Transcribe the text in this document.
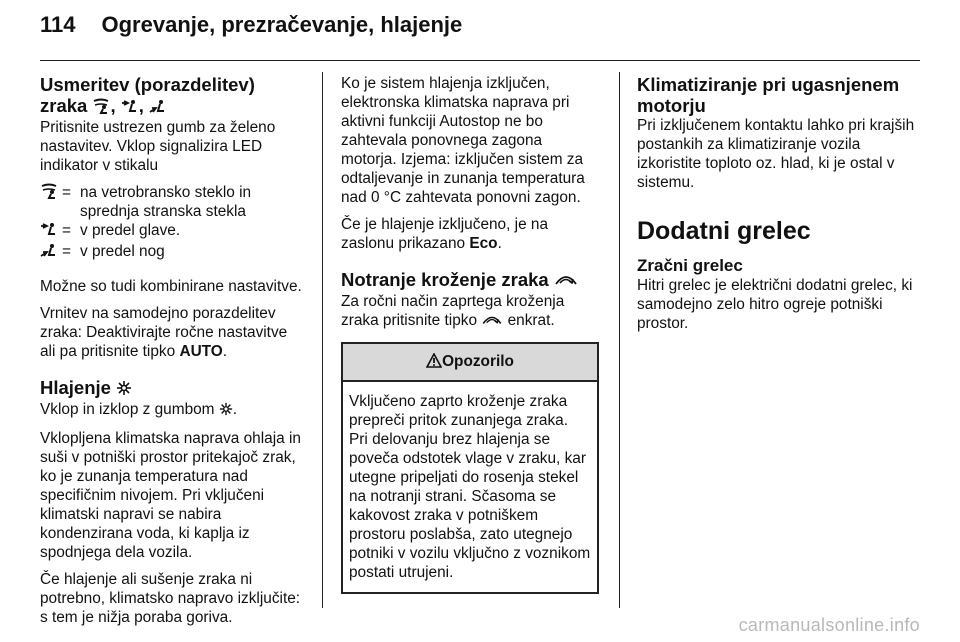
114 Ogrevanje, prezračevanje, hlajenje
Usmeritev (porazdelitev)
zraka , ,

Pritisnite ustrezen gumb za želeno nastavitev. Vklop signalizira LED indikator v stikalu

= na vetrobransko steklo in sprednja stranska stekla
= v predel glave.
= v predel nog

Možne so tudi kombinirane nastavitve.

Vrnitev na samodejno porazdelitev zraka: Deaktivirajte ročne nastavitve ali pa pritisnite tipko AUTO.

Hlajenje

Vklop in izklop z gumbom .

Vklopljena klimatska naprava ohlaja in suši v potniški prostor pritekajoč zrak, ko je zunanja temperatura nad specifičnim nivojem. Pri vključeni klimatski napravi se nabira kondenzirana voda, ki kaplja iz spodnjega dela vozila.

Če hlajenje ali sušenje zraka ni potrebno, klimatsko napravo izključite: s tem je nižja poraba goriva.

Ko je sistem hlajenja izključen, elektronska klimatska naprava pri aktivni funkciji Autostop ne bo zahtevala ponovnega zagona motorja. Izjema: izključen sistem za odtaljevanje in zunanja temperatura nad 0 °C zahtevata ponovni zagon.

Če je hlajenje izključeno, je na zaslonu prikazano Eco.

Notranje kroženje zraka

Za ročni način zaprtega kroženja zraka pritisnite tipko enkrat.

Opozorilo
Vključeno zaprto kroženje zraka prepreči pritok zunanjega zraka. Pri delovanju brez hlajenja se poveča odstotek vlage v zraku, kar utegne pripeljati do rosenja stekel na notranji strani. Sčasoma se kakovost zraka v potniškem prostoru poslabša, zato utegnejo potniki v vozilu vključno z voznikom postati utrujeni.
Klimatiziranje pri ugasnjenem motorju

Pri izključenem kontaktu lahko pri krajših postankih za klimatiziranje vozila izkoristite toploto oz. hlad, ki je ostal v sistemu.

Dodatni grelec
Zračni grelec

Hitri grelec je električni dodatni grelec, ki samodejno zelo hitro ogreje potniški prostor.

carmanualsonline.info
